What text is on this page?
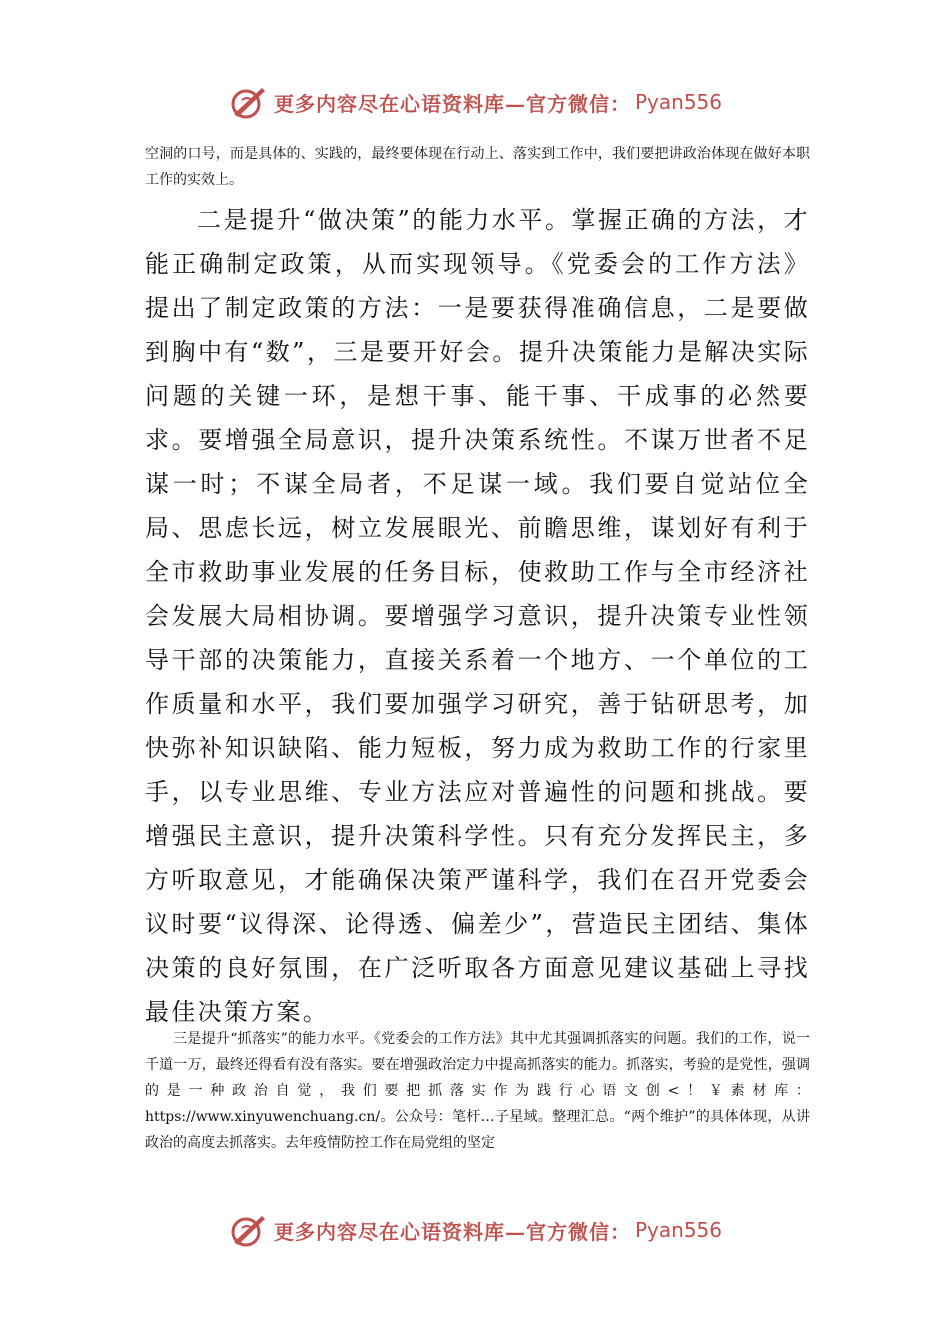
更多内容尽在心语资料库—官方微信： Pyan556

空洞的口号，而是具体的、实践的，最终要体现在行动上、落实到工作中，我们要把讲政治体现在做好本职工作的实效上。

二是提升“做决策”的能力水平。掌握正确的方法，才能正确制定政策，从而实现领导。《党委会的工作方法》提出了制定政策的方法：一是要获得准确信息，二是要做到胸中有“数”，三是要开好会。提升决策能力是解决实际问题的关键一环，是想干事、能干事、干成事的必然要求。要增强全局意识，提升决策系统性。不谋万世者不足谋一时；不谋全局者，不足谋一域。我们要自觉站位全局、思虑长远，树立发展眼光、前瞻思维，谋划好有利于全市救助事业发展的任务目标，使救助工作与全市经济社会发展大局相协调。要增强学习意识，提升决策专业性领导干部的决策能力，直接关系着一个地方、一个单位的工作质量和水平，我们要加强学习研究，善于钻研思考，加快弥补知识缺陷、能力短板，努力成为救助工作的行家里手，以专业思维、专业方法应对普遍性的问题和挑战。要增强民主意识，提升决策科学性。只有充分发挥民主，多方听取意见，才能确保决策严谨科学，我们在召开党委会议时要“议得深、论得透、偏差少”，营造民主团结、集体决策的良好氛围，在广泛听取各方面意见建议基础上寻找最佳决策方案。

三是提升“抓落实”的能力水平。《党委会的工作方法》其中尤其强调抓落实的问题。我们的工作，说一千道一万，最终还得看有没有落实。要在增强政治定力中提高抓落实的能力。抓落实，考验的是党性，强调的是一种政治自觉，我们要把抓落实作为践行心语文创<！￥素材库：https://www.xinyuwenchuang.cn/。公众号：笔杆…子星域。整理汇总。“两个维护”的具体体现，从讲政治的高度去抓落实。去年疫情防控工作在局党组的坚定

更多内容尽在心语资料库—官方微信： Pyan556
